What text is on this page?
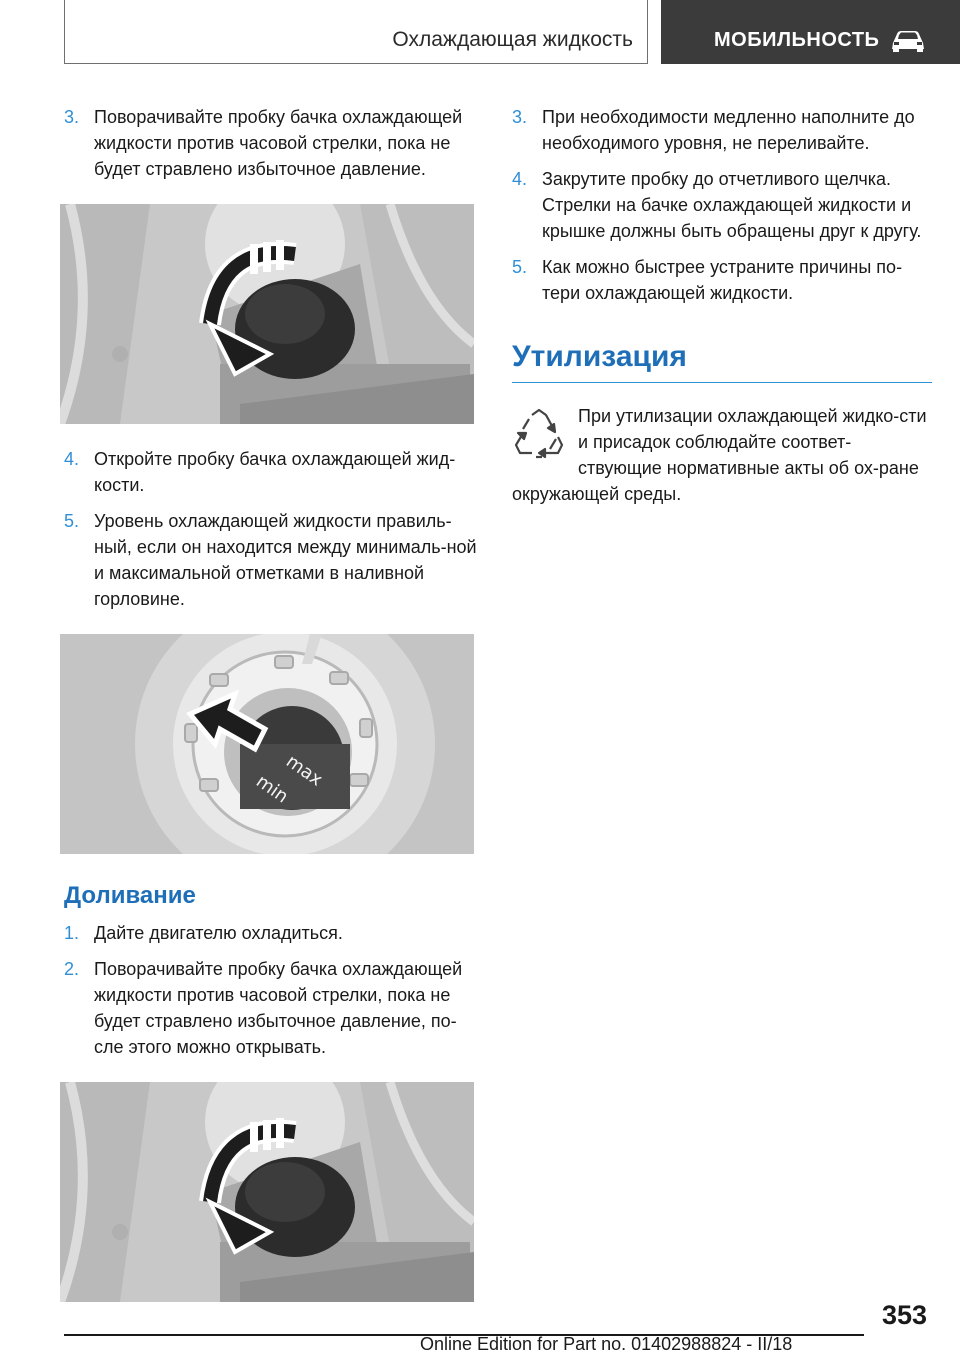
Охлаждающая жидкость	МОБИЛЬНОСТЬ
3. Поворачивайте пробку бачка охлаждающей жидкости против часовой стрелки, пока не будет стравлено избыточное давление.
4. Откройте пробку бачка охлаждающей жид-кости.
5. Уровень охлаждающей жидкости правиль-ный, если он находится между минималь-ной и максимальной отметками в наливной горловине.
max
min
Доливание
1. Дайте двигателю охладиться.
2. Поворачивайте пробку бачка охлаждающей жидкости против часовой стрелки, пока не будет стравлено избыточное давление, по-сле этого можно открывать.
3. При необходимости медленно наполните до необходимого уровня, не переливайте.
4. Закрутите пробку до отчетливого щелчка. Стрелки на бачке охлаждающей жидкости и крышке должны быть обращены друг к другу.
5. Как можно быстрее устраните причины по-тери охлаждающей жидкости.
Утилизация
При утилизации охлаждающей жидко-сти и присадок соблюдайте соответ-ствующие нормативные акты об ох-ране окружающей среды.
353
Online Edition for Part no. 01402988824 - II/18
